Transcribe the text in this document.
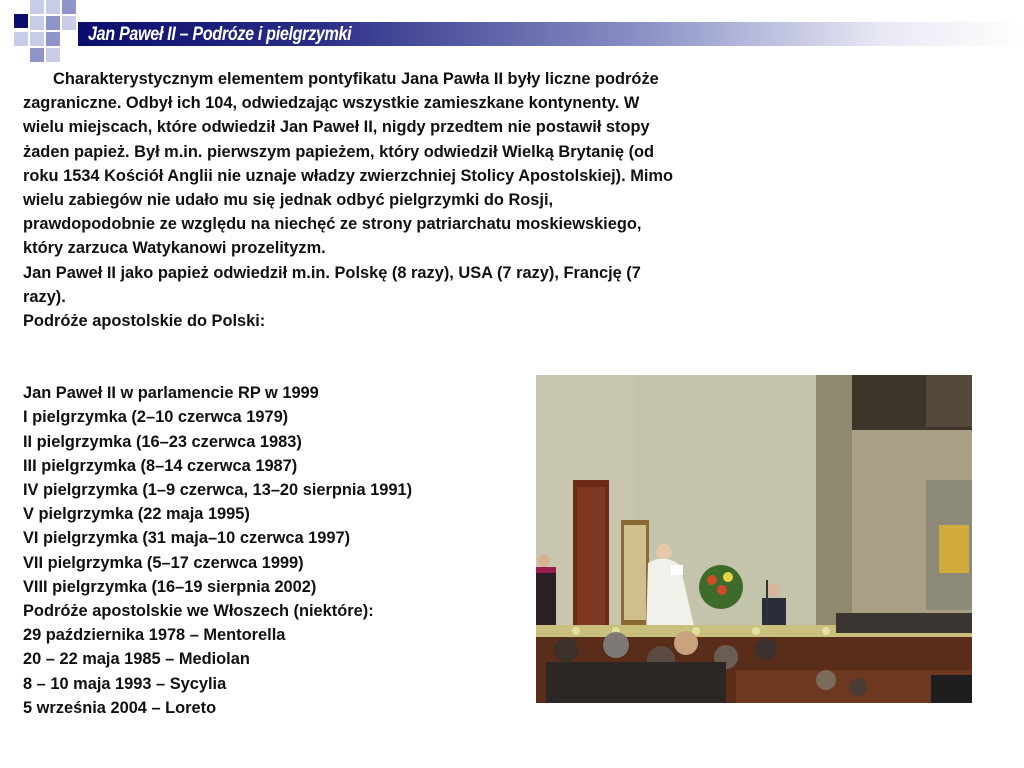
Jan Paweł II – Podróze i pielgrzymki

Charakterystycznym elementem pontyfikatu Jana Pawła II były liczne podróże zagraniczne. Odbył ich 104, odwiedzając wszystkie zamieszkane kontynenty. W wielu miejscach, które odwiedził Jan Paweł II, nigdy przedtem nie postawił stopy żaden papież. Był m.in. pierwszym papieżem, który odwiedził Wielką Brytanię (od roku 1534 Kościół Anglii nie uznaje władzy zwierzchniej Stolicy Apostolskiej). Mimo wielu zabiegów nie udało mu się jednak odbyć pielgrzymki do Rosji, prawdopodobnie ze względu na niechęć ze strony patriarchatu moskiewskiego, który zarzuca Watykanowi prozelityzm.

Jan Paweł II jako papież odwiedził m.in. Polskę (8 razy), USA (7 razy), Francję (7 razy).

Podróże apostolskie do Polski:

Jan Paweł II w parlamencie RP w 1999

I pielgrzymka (2–10 czerwca 1979)

II pielgrzymka (16–23 czerwca 1983)

III pielgrzymka (8–14 czerwca 1987)

IV pielgrzymka (1–9 czerwca, 13–20 sierpnia 1991)

V pielgrzymka (22 maja 1995)

VI pielgrzymka (31 maja–10 czerwca 1997)

VII pielgrzymka (5–17 czerwca 1999)

VIII pielgrzymka (16–19 sierpnia 2002)

Podróże apostolskie we Włoszech (niektóre):

29 października 1978 – Mentorella

20 – 22 maja 1985 – Mediolan

8 – 10 maja 1993 – Sycylia

5 września 2004 – Loreto
